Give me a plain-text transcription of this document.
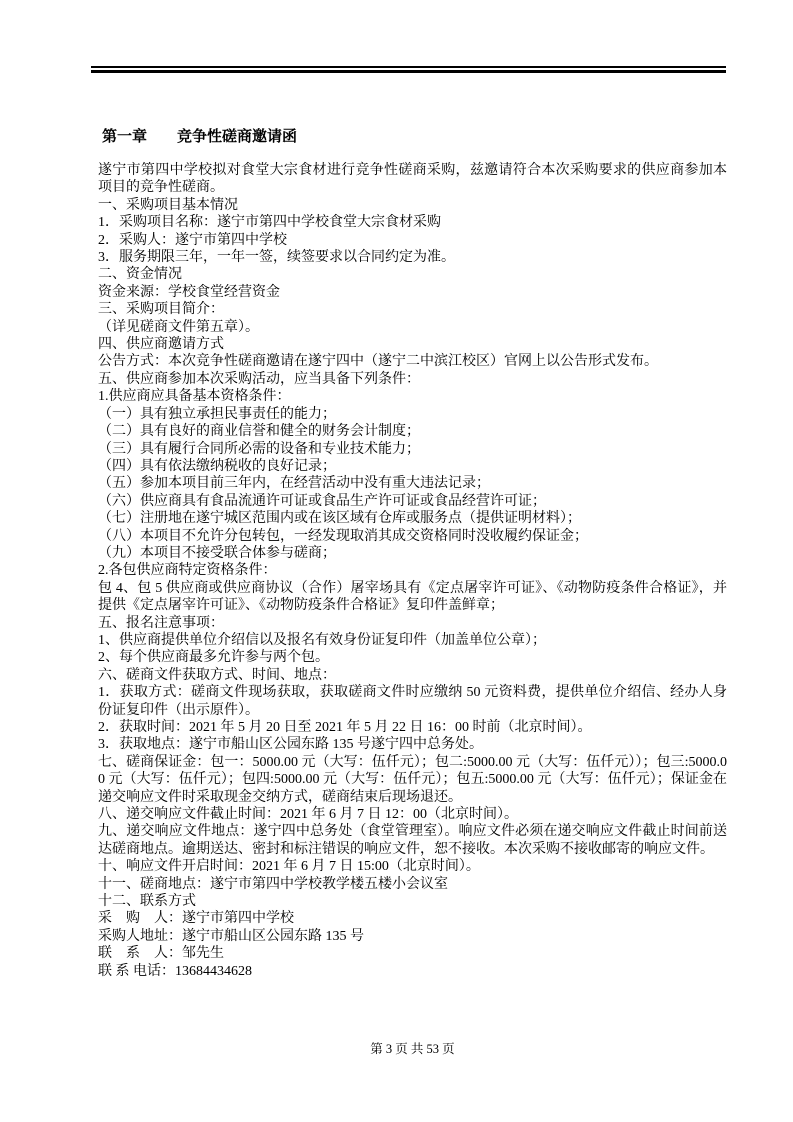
第一章 竞争性磋商邀请函

遂宁市第四中学校拟对食堂大宗食材进行竞争性磋商采购，兹邀请符合本次采购要求的供应商参加本项目的竞争性磋商。

一、采购项目基本情况

1．采购项目名称：遂宁市第四中学校食堂大宗食材采购

2．采购人：遂宁市第四中学校

3．服务期限三年，一年一签，续签要求以合同约定为准。

二、资金情况

资金来源：学校食堂经营资金

三、采购项目简介：

（详见磋商文件第五章）。

四、供应商邀请方式

公告方式：本次竞争性磋商邀请在遂宁四中（遂宁二中滨江校区）官网上以公告形式发布。

五、供应商参加本次采购活动，应当具备下列条件：

1.供应商应具备基本资格条件：

（一）具有独立承担民事责任的能力；

（二）具有良好的商业信誉和健全的财务会计制度；

（三）具有履行合同所必需的设备和专业技术能力；

（四）具有依法缴纳税收的良好记录；

（五）参加本项目前三年内，在经营活动中没有重大违法记录；

（六）供应商具有食品流通许可证或食品生产许可证或食品经营许可证；

（七）注册地在遂宁城区范围内或在该区域有仓库或服务点（提供证明材料）；

（八）本项目不允许分包转包，一经发现取消其成交资格同时没收履约保证金；

（九）本项目不接受联合体参与磋商；

2.各包供应商特定资格条件：

包 4、包 5 供应商或供应商协议（合作）屠宰场具有《定点屠宰许可证》、《动物防疫条件合格证》，并提供《定点屠宰许可证》、《动物防疫条件合格证》复印件盖鲜章；

五、报名注意事项：

1、供应商提供单位介绍信以及报名有效身份证复印件（加盖单位公章）；

2、每个供应商最多允许参与两个包。

六、磋商文件获取方式、时间、地点：

1．获取方式：磋商文件现场获取，获取磋商文件时应缴纳 50 元资料费，提供单位介绍信、经办人身份证复印件（出示原件）。

2．获取时间：2021 年 5 月 20 日至 2021 年 5 月 22 日 16：00 时前（北京时间）。

3．获取地点：遂宁市船山区公园东路 135 号遂宁四中总务处。

七、磋商保证金：包一：5000.00 元（大写：伍仟元）；包二:5000.00 元（大写：伍仟元））；包三:5000.00 元（大写：伍仟元）；包四:5000.00 元（大写：伍仟元）；包五:5000.00 元（大写：伍仟元）；保证金在递交响应文件时采取现金交纳方式，磋商结束后现场退还。

八、递交响应文件截止时间：2021 年 6 月 7 日 12：00（北京时间）。

九、递交响应文件地点：遂宁四中总务处（食堂管理室）。响应文件必须在递交响应文件截止时间前送达磋商地点。逾期送达、密封和标注错误的响应文件，恕不接收。本次采购不接收邮寄的响应文件。

十、响应文件开启时间：2021 年 6 月 7 日 15:00（北京时间）。

十一、磋商地点：遂宁市第四中学校教学楼五楼小会议室

十二、联系方式

采　购　人：遂宁市第四中学校

采购人地址：遂宁市船山区公园东路 135 号

联　系　人：邹先生

联 系 电话：13684434628

第 3 页 共 53 页
